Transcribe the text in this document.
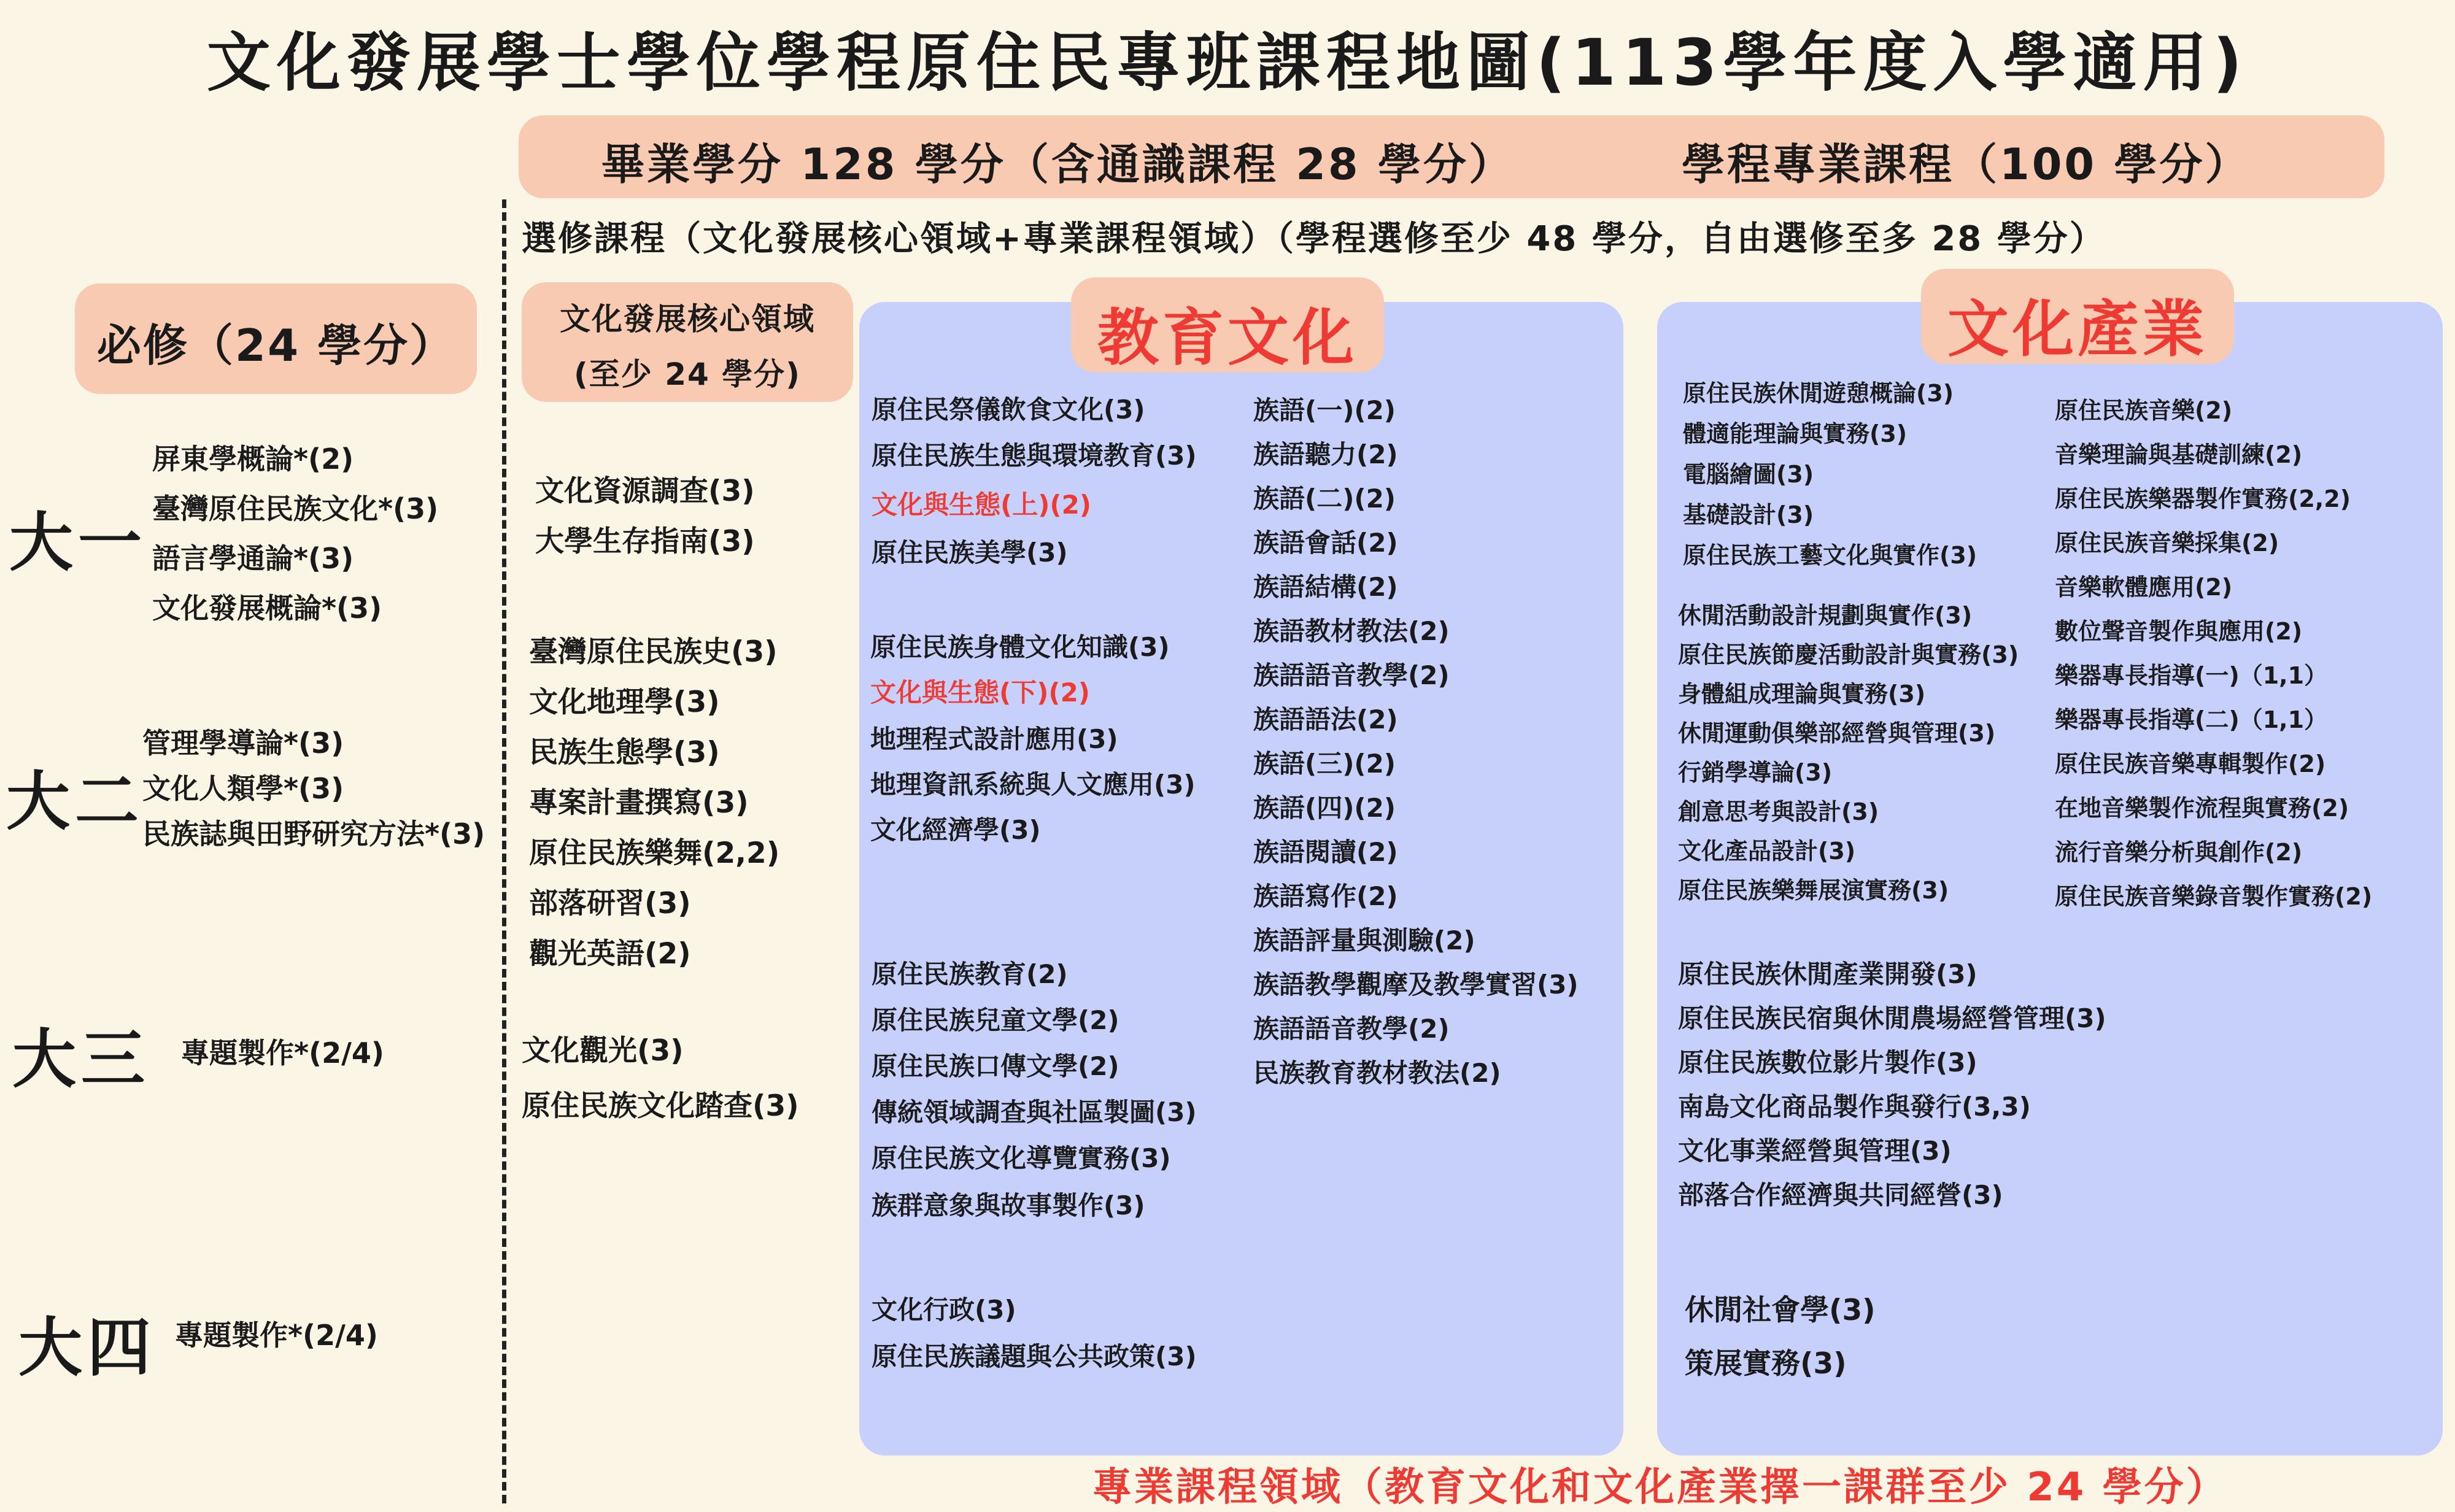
文化發展學士學位學程原住民專班課程地圖(113學年度入學適用)
畢業學分 128 學分（含通識課程 28 學分）	學程專業課程（100 學分）
選修課程（文化發展核心領域+專業課程領域）（學程選修至少 48 學分，自由選修至多 28 學分）
必修（24 學分）
大一
屏東學概論*(2)
臺灣原住民族文化*(3)
語言學通論*(3)
文化發展概論*(3)
大二
管理學導論*(3)
文化人類學*(3)
民族誌與田野研究方法*(3)
大三 專題製作*(2/4)
大四 專題製作*(2/4)
文化發展核心領域
(至少 24 學分)
文化資源調查(3)
大學生存指南(3)
臺灣原住民族史(3)
文化地理學(3)
民族生態學(3)
專案計畫撰寫(3)
原住民族樂舞(2,2)
部落研習(3)
觀光英語(2)
文化觀光(3)
原住民族文化踏查(3)
教育文化
原住民祭儀飲食文化(3)
原住民族生態與環境教育(3)
文化與生態(上)(2)
原住民族美學(3)
原住民族身體文化知識(3)
文化與生態(下)(2)
地理程式設計應用(3)
地理資訊系統與人文應用(3)
文化經濟學(3)
原住民族教育(2)
原住民族兒童文學(2)
原住民族口傳文學(2)
傳統領域調查與社區製圖(3)
原住民族文化導覽實務(3)
族群意象與故事製作(3)
文化行政(3)
原住民族議題與公共政策(3)
族語(一)(2)
族語聽力(2)
族語(二)(2)
族語會話(2)
族語結構(2)
族語教材教法(2)
族語語音教學(2)
族語語法(2)
族語(三)(2)
族語(四)(2)
族語閱讀(2)
族語寫作(2)
族語評量與測驗(2)
族語教學觀摩及教學實習(3)
族語語音教學(2)
民族教育教材教法(2)
文化產業
原住民族休閒遊憩概論(3)
體適能理論與實務(3)
電腦繪圖(3)
基礎設計(3)
原住民族工藝文化與實作(3)
休閒活動設計規劃與實作(3)
原住民族節慶活動設計與實務(3)
身體組成理論與實務(3)
休閒運動俱樂部經營與管理(3)
行銷學導論(3)
創意思考與設計(3)
文化產品設計(3)
原住民族樂舞展演實務(3)
原住民族音樂(2)
音樂理論與基礎訓練(2)
原住民族樂器製作實務(2,2)
原住民族音樂採集(2)
音樂軟體應用(2)
數位聲音製作與應用(2)
樂器專長指導(一)（1,1）
樂器專長指導(二)（1,1）
原住民族音樂專輯製作(2)
在地音樂製作流程與實務(2)
流行音樂分析與創作(2)
原住民族音樂錄音製作實務(2)
原住民族休閒產業開發(3)
原住民族民宿與休閒農場經營管理(3)
原住民族數位影片製作(3)
南島文化商品製作與發行(3,3)
文化事業經營與管理(3)
部落合作經濟與共同經營(3)
休閒社會學(3)
策展實務(3)
專業課程領域（教育文化和文化產業擇一課群至少 24 學分）
